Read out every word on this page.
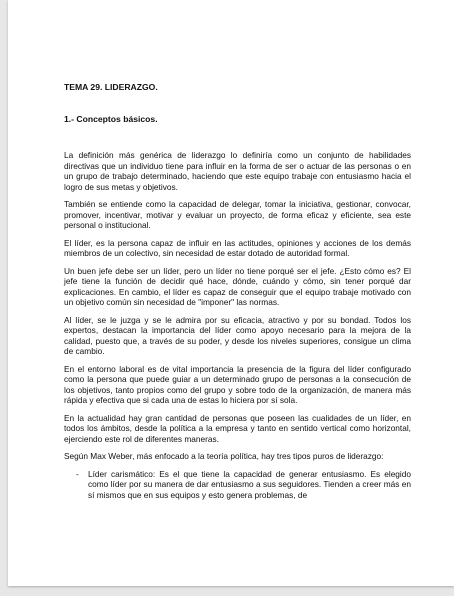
TEMA 29. LIDERAZGO.

1.- Conceptos básicos.

La definición más genérica de liderazgo lo definiría como un conjunto de habilidades directivas que un individuo tiene para influir en la forma de ser o actuar de las personas o en un grupo de trabajo determinado, haciendo que este equipo trabaje con entusiasmo hacia el logro de sus metas y objetivos.

También se entiende como la capacidad de delegar, tomar la iniciativa, gestionar, convocar, promover, incentivar, motivar y evaluar un proyecto, de forma eficaz y eficiente, sea este personal o institucional.

El líder, es la persona capaz de influir en las actitudes, opiniones y acciones de los demás miembros de un colectivo, sin necesidad de estar dotado de autoridad formal.

Un buen jefe debe ser un líder, pero un líder no tiene porqué ser el jefe. ¿Esto cómo es? El jefe tiene la función de decidir qué hace, dónde, cuándo y cómo, sin tener porqué dar explicaciones. En cambio, el líder es capaz de conseguir que el equipo trabaje motivado con un objetivo común sin necesidad de "imponer" las normas.

Al líder, se le juzga y se le admira por su eficacia, atractivo y por su bondad. Todos los expertos, destacan la importancia del líder como apoyo necesario para la mejora de la calidad, puesto que, a través de su poder, y desde los niveles superiores, consigue un clima de cambio.

En el entorno laboral es de vital importancia la presencia de la figura del líder configurado como la persona que puede guiar a un determinado grupo de personas a la consecución de los objetivos, tanto propios como del grupo y sobre todo de la organización, de manera más rápida y efectiva que si cada una de estas lo hiciera por sí sola.

En la actualidad hay gran cantidad de personas que poseen las cualidades de un líder, en todos los ámbitos, desde la política a la empresa y tanto en sentido vertical como horizontal, ejerciendo este rol de diferentes maneras.

Según Max Weber, más enfocado a la teoría política, hay tres tipos puros de liderazgo:

- Líder carismático: Es el que tiene la capacidad de generar entusiasmo. Es elegido como líder por su manera de dar entusiasmo a sus seguidores. Tienden a creer más en sí mismos que en sus equipos y esto genera problemas, de
